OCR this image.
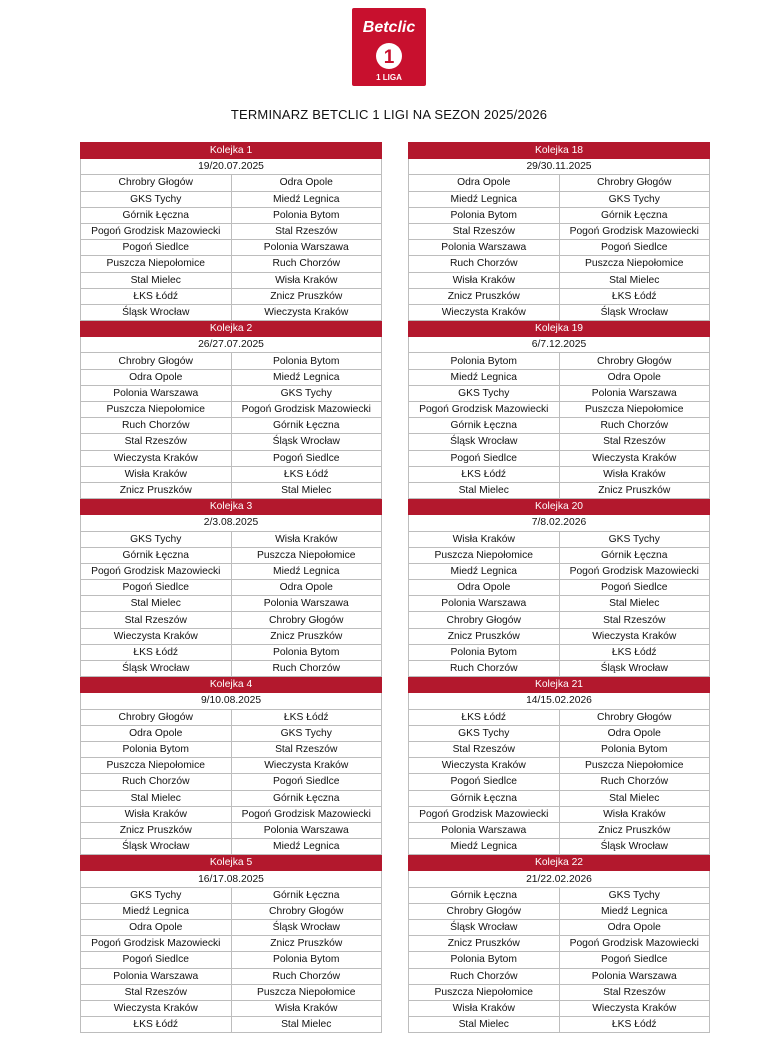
Betclic
1
1 LIGA
TERMINARZ BETCLIC 1 LIGI NA SEZON 2025/2026
Kolejka 1	
19/20.07.2025	
Chrobry Głogów	Odra Opole
GKS Tychy	Miedź Legnica
Górnik Łęczna	Polonia Bytom
Pogoń Grodzisk Mazowiecki	Stal Rzeszów
Pogoń Siedlce	Polonia Warszawa
Puszcza Niepołomice	Ruch Chorzów
Stal Mielec	Wisła Kraków
ŁKS Łódź	Znicz Pruszków
Śląsk Wrocław	Wieczysta Kraków
Kolejka 2	
26/27.07.2025	
Chrobry Głogów	Polonia Bytom
Odra Opole	Miedź Legnica
Polonia Warszawa	GKS Tychy
Puszcza Niepołomice	Pogoń Grodzisk Mazowiecki
Ruch Chorzów	Górnik Łęczna
Stal Rzeszów	Śląsk Wrocław
Wieczysta Kraków	Pogoń Siedlce
Wisła Kraków	ŁKS Łódź
Znicz Pruszków	Stal Mielec
Kolejka 3	
2/3.08.2025	
GKS Tychy	Wisła Kraków
Górnik Łęczna	Puszcza Niepołomice
Pogoń Grodzisk Mazowiecki	Miedź Legnica
Pogoń Siedlce	Odra Opole
Stal Mielec	Polonia Warszawa
Stal Rzeszów	Chrobry Głogów
Wieczysta Kraków	Znicz Pruszków
ŁKS Łódź	Polonia Bytom
Śląsk Wrocław	Ruch Chorzów
Kolejka 4	
9/10.08.2025	
Chrobry Głogów	ŁKS Łódź
Odra Opole	GKS Tychy
Polonia Bytom	Stal Rzeszów
Puszcza Niepołomice	Wieczysta Kraków
Ruch Chorzów	Pogoń Siedlce
Stal Mielec	Górnik Łęczna
Wisła Kraków	Pogoń Grodzisk Mazowiecki
Znicz Pruszków	Polonia Warszawa
Śląsk Wrocław	Miedź Legnica
Kolejka 5	
16/17.08.2025	
GKS Tychy	Górnik Łęczna
Miedź Legnica	Chrobry Głogów
Odra Opole	Śląsk Wrocław
Pogoń Grodzisk Mazowiecki	Znicz Pruszków
Pogoń Siedlce	Polonia Bytom
Polonia Warszawa	Ruch Chorzów
Stal Rzeszów	Puszcza Niepołomice
Wieczysta Kraków	Wisła Kraków
ŁKS Łódź	Stal Mielec
Kolejka 18	
29/30.11.2025	
Odra Opole	Chrobry Głogów
Miedź Legnica	GKS Tychy
Polonia Bytom	Górnik Łęczna
Stal Rzeszów	Pogoń Grodzisk Mazowiecki
Polonia Warszawa	Pogoń Siedlce
Ruch Chorzów	Puszcza Niepołomice
Wisła Kraków	Stal Mielec
Znicz Pruszków	ŁKS Łódź
Wieczysta Kraków	Śląsk Wrocław
Kolejka 19	
6/7.12.2025	
Polonia Bytom	Chrobry Głogów
Miedź Legnica	Odra Opole
GKS Tychy	Polonia Warszawa
Pogoń Grodzisk Mazowiecki	Puszcza Niepołomice
Górnik Łęczna	Ruch Chorzów
Śląsk Wrocław	Stal Rzeszów
Pogoń Siedlce	Wieczysta Kraków
ŁKS Łódź	Wisła Kraków
Stal Mielec	Znicz Pruszków
Kolejka 20	
7/8.02.2026	
Wisła Kraków	GKS Tychy
Puszcza Niepołomice	Górnik Łęczna
Miedź Legnica	Pogoń Grodzisk Mazowiecki
Odra Opole	Pogoń Siedlce
Polonia Warszawa	Stal Mielec
Chrobry Głogów	Stal Rzeszów
Znicz Pruszków	Wieczysta Kraków
Polonia Bytom	ŁKS Łódź
Ruch Chorzów	Śląsk Wrocław
Kolejka 21	
14/15.02.2026	
ŁKS Łódź	Chrobry Głogów
GKS Tychy	Odra Opole
Stal Rzeszów	Polonia Bytom
Wieczysta Kraków	Puszcza Niepołomice
Pogoń Siedlce	Ruch Chorzów
Górnik Łęczna	Stal Mielec
Pogoń Grodzisk Mazowiecki	Wisła Kraków
Polonia Warszawa	Znicz Pruszków
Miedź Legnica	Śląsk Wrocław
Kolejka 22	
21/22.02.2026	
Górnik Łęczna	GKS Tychy
Chrobry Głogów	Miedź Legnica
Śląsk Wrocław	Odra Opole
Znicz Pruszków	Pogoń Grodzisk Mazowiecki
Polonia Bytom	Pogoń Siedlce
Ruch Chorzów	Polonia Warszawa
Puszcza Niepołomice	Stal Rzeszów
Wisła Kraków	Wieczysta Kraków
Stal Mielec	ŁKS Łódź
